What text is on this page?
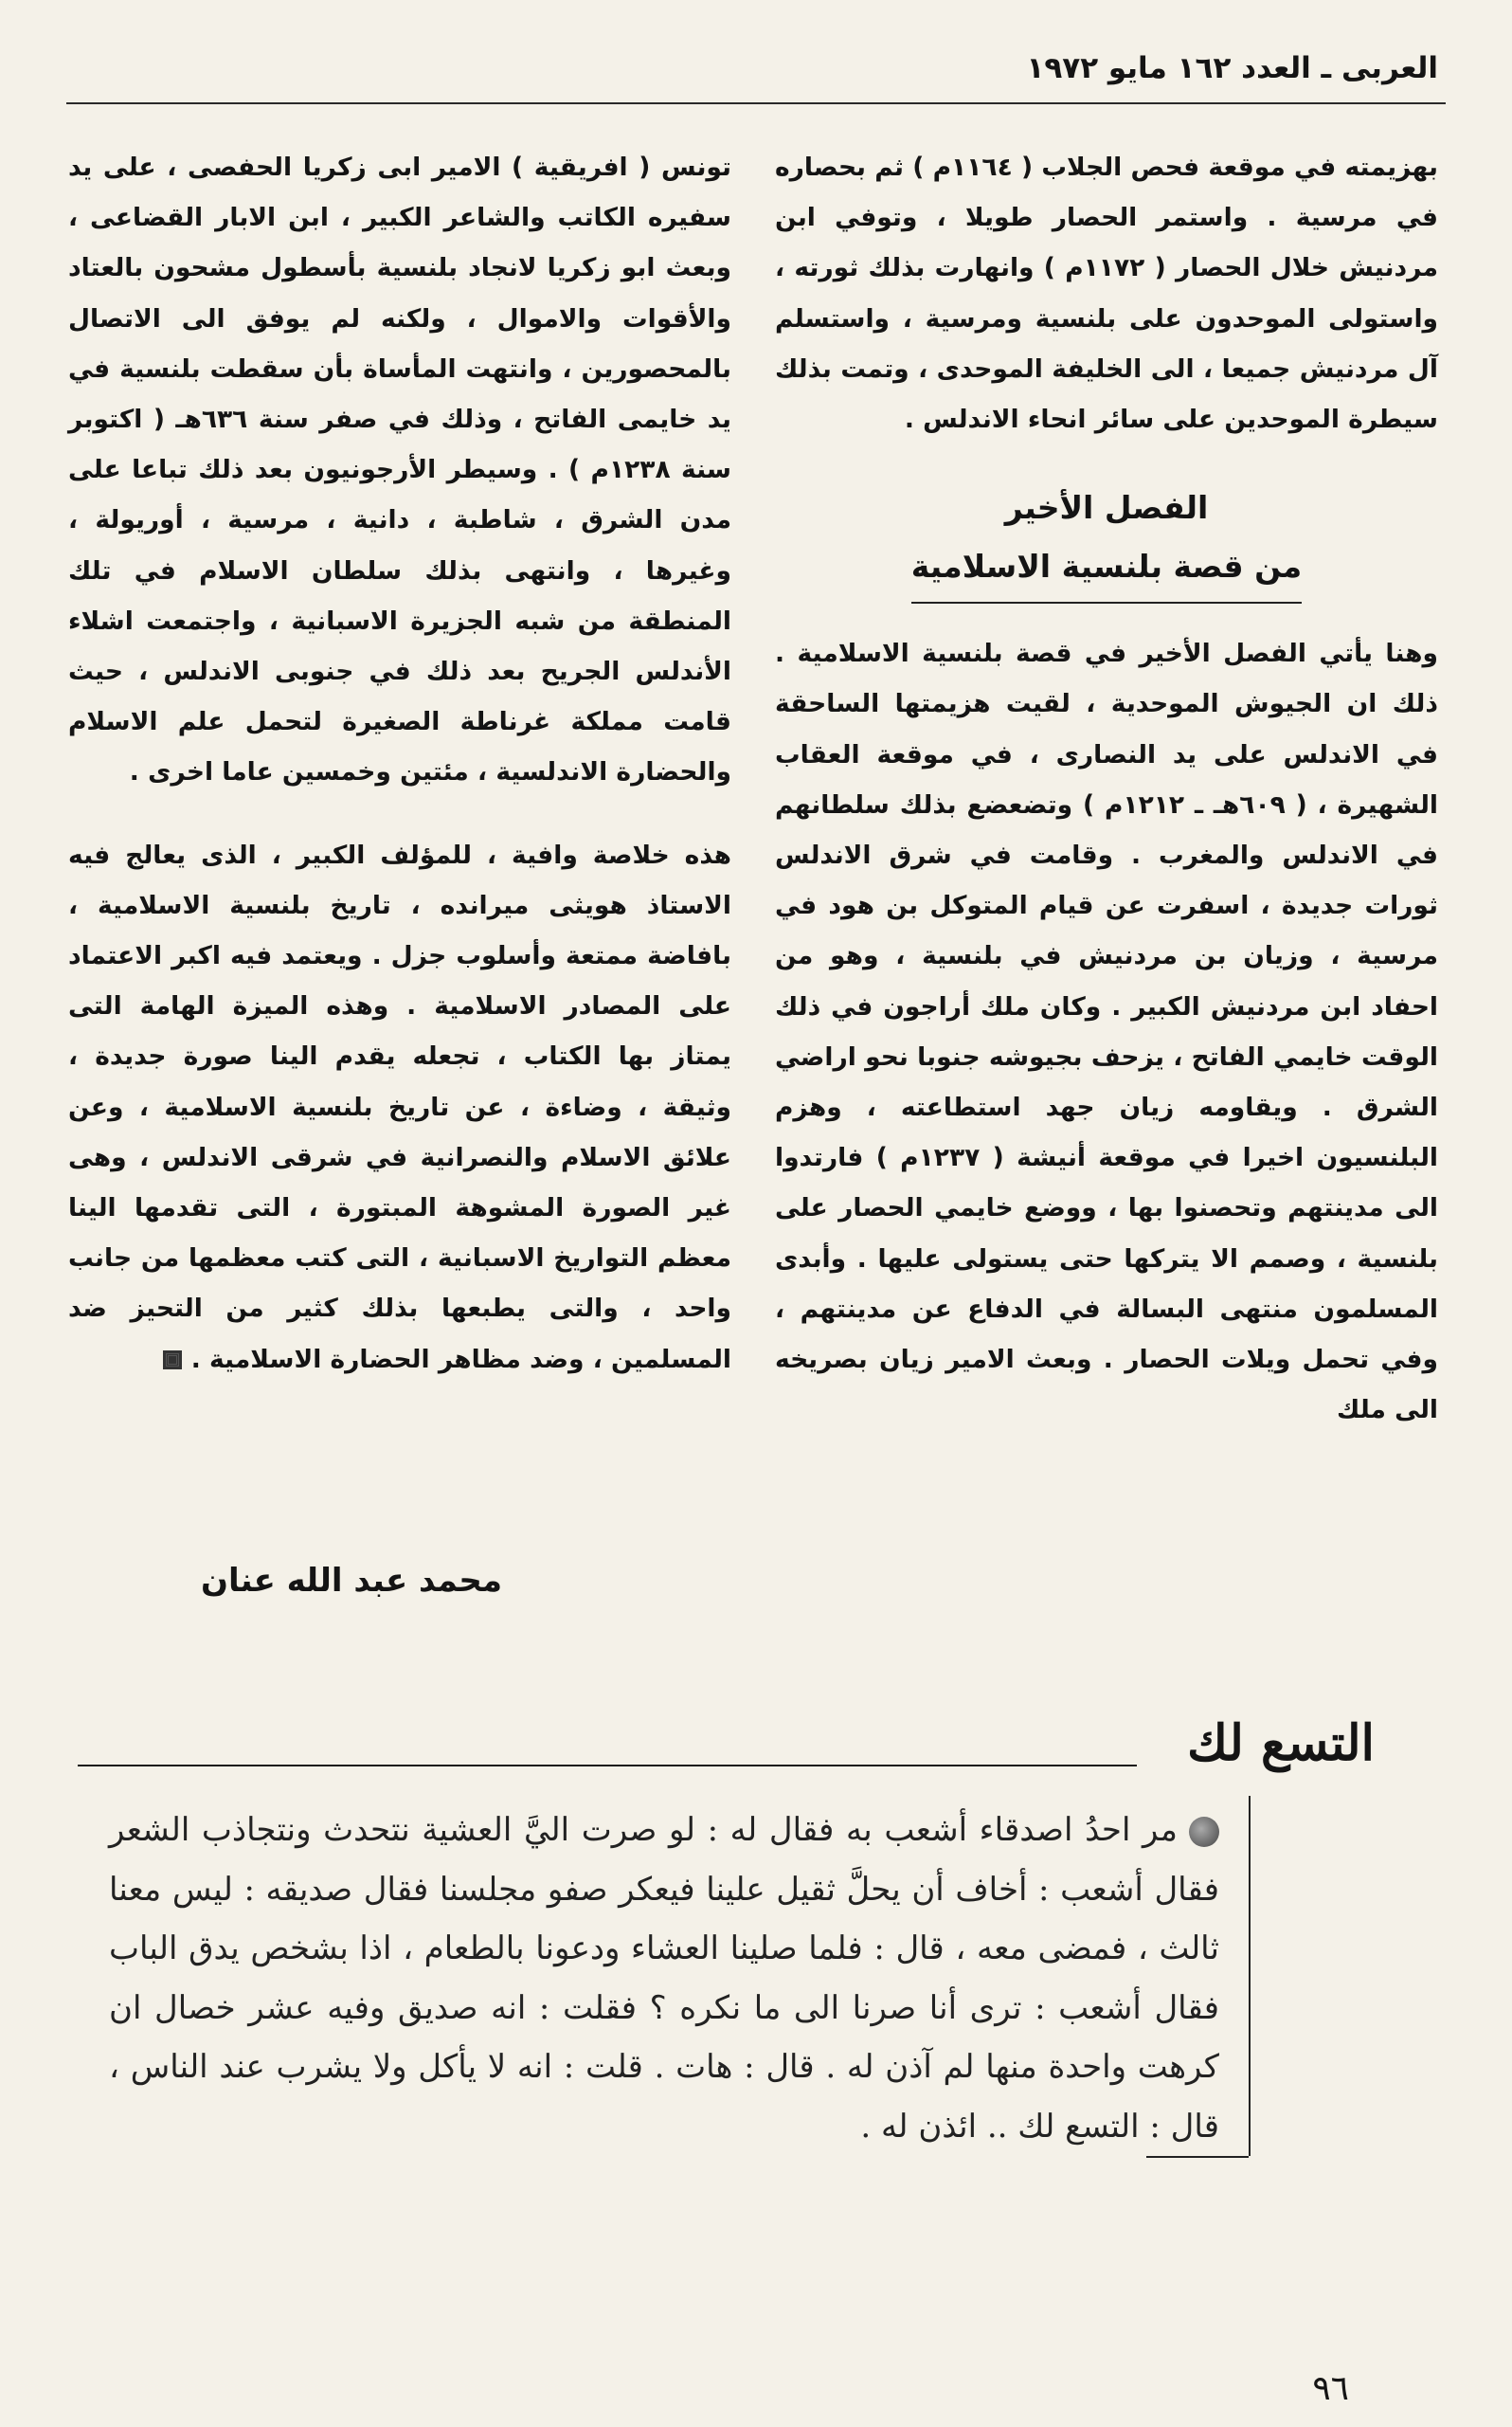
العربى ـ العدد ١٦٢ مايو ١٩٧٢

بهزيمته في موقعة فحص الجلاب ( ١١٦٤م ) ثم بحصاره في مرسية . واستمر الحصار طويلا ، وتوفي ابن مردنيش خلال الحصار ( ١١٧٢م ) وانهارت بذلك ثورته ، واستولى الموحدون على بلنسية ومرسية ، واستسلم آل مردنيش جميعا ، الى الخليفة الموحدى ، وتمت بذلك سيطرة الموحدين على سائر انحاء الاندلس .

الفصل الأخير
من قصة بلنسية الاسلامية

وهنا يأتي الفصل الأخير في قصة بلنسية الاسلامية . ذلك ان الجيوش الموحدية ، لقيت هزيمتها الساحقة في الاندلس على يد النصارى ، في موقعة العقاب الشهيرة ، ( ٦٠٩هـ ـ ١٢١٢م ) وتضعضع بذلك سلطانهم في الاندلس والمغرب . وقامت في شرق الاندلس ثورات جديدة ، اسفرت عن قيام المتوكل بن هود في مرسية ، وزيان بن مردنيش في بلنسية ، وهو من احفاد ابن مردنيش الكبير . وكان ملك أراجون في ذلك الوقت خايمي الفاتح ، يزحف بجيوشه جنوبا نحو اراضي الشرق . ويقاومه زيان جهد استطاعته ، وهزم البلنسيون اخيرا في موقعة أنيشة ( ١٢٣٧م ) فارتدوا الى مدينتهم وتحصنوا بها ، ووضع خايمي الحصار على بلنسية ، وصمم الا يتركها حتى يستولى عليها . وأبدى المسلمون منتهى البسالة في الدفاع عن مدينتهم ، وفي تحمل ويلات الحصار . وبعث الامير زيان بصريخه الى ملك

تونس ( افريقية ) الامير ابى زكريا الحفصى ، على يد سفيره الكاتب والشاعر الكبير ، ابن الابار القضاعى ، وبعث ابو زكريا لانجاد بلنسية بأسطول مشحون بالعتاد والأقوات والاموال ، ولكنه لم يوفق الى الاتصال بالمحصورين ، وانتهت المأساة بأن سقطت بلنسية في يد خايمى الفاتح ، وذلك في صفر سنة ٦٣٦هـ ( اكتوبر سنة ١٢٣٨م ) . وسيطر الأرجونيون بعد ذلك تباعا على مدن الشرق ، شاطبة ، دانية ، مرسية ، أوريولة ، وغيرها ، وانتهى بذلك سلطان الاسلام في تلك المنطقة من شبه الجزيرة الاسبانية ، واجتمعت اشلاء الأندلس الجريح بعد ذلك في جنوبى الاندلس ، حيث قامت مملكة غرناطة الصغيرة لتحمل علم الاسلام والحضارة الاندلسية ، مئتين وخمسين عاما اخرى .

هذه خلاصة وافية ، للمؤلف الكبير ، الذى يعالج فيه الاستاذ هويثى ميرانده ، تاريخ بلنسية الاسلامية ، بافاضة ممتعة وأسلوب جزل . ويعتمد فيه اكبر الاعتماد على المصادر الاسلامية . وهذه الميزة الهامة التى يمتاز بها الكتاب ، تجعله يقدم الينا صورة جديدة ، وثيقة ، وضاءة ، عن تاريخ بلنسية الاسلامية ، وعن علائق الاسلام والنصرانية في شرقى الاندلس ، وهى غير الصورة المشوهة المبتورة ، التى تقدمها الينا معظم التواريخ الاسبانية ، التى كتب معظمها من جانب واحد ، والتى يطبعها بذلك كثير من التحيز ضد المسلمين ، وضد مظاهر الحضارة الاسلامية .

محمد عبد الله عنان
التسع لك
مر احدُ اصدقاء أشعب به فقال له : لو صرت اليَّ العشية نتحدث ونتجاذب الشعر فقال أشعب : أخاف أن يحلَّ ثقيل علينا فيعكر صفو مجلسنا فقال صديقه : ليس معنا ثالث ، فمضى معه ، قال : فلما صلينا العشاء ودعونا بالطعام ، اذا بشخص يدق الباب فقال أشعب : ترى أنا صرنا الى ما نكره ؟ فقلت : انه صديق وفيه عشر خصال ان كرهت واحدة منها لم آذن له . قال : هات . قلت : انه لا يأكل ولا يشرب عند الناس ، قال : التسع لك .. ائذن له .
٩٦
